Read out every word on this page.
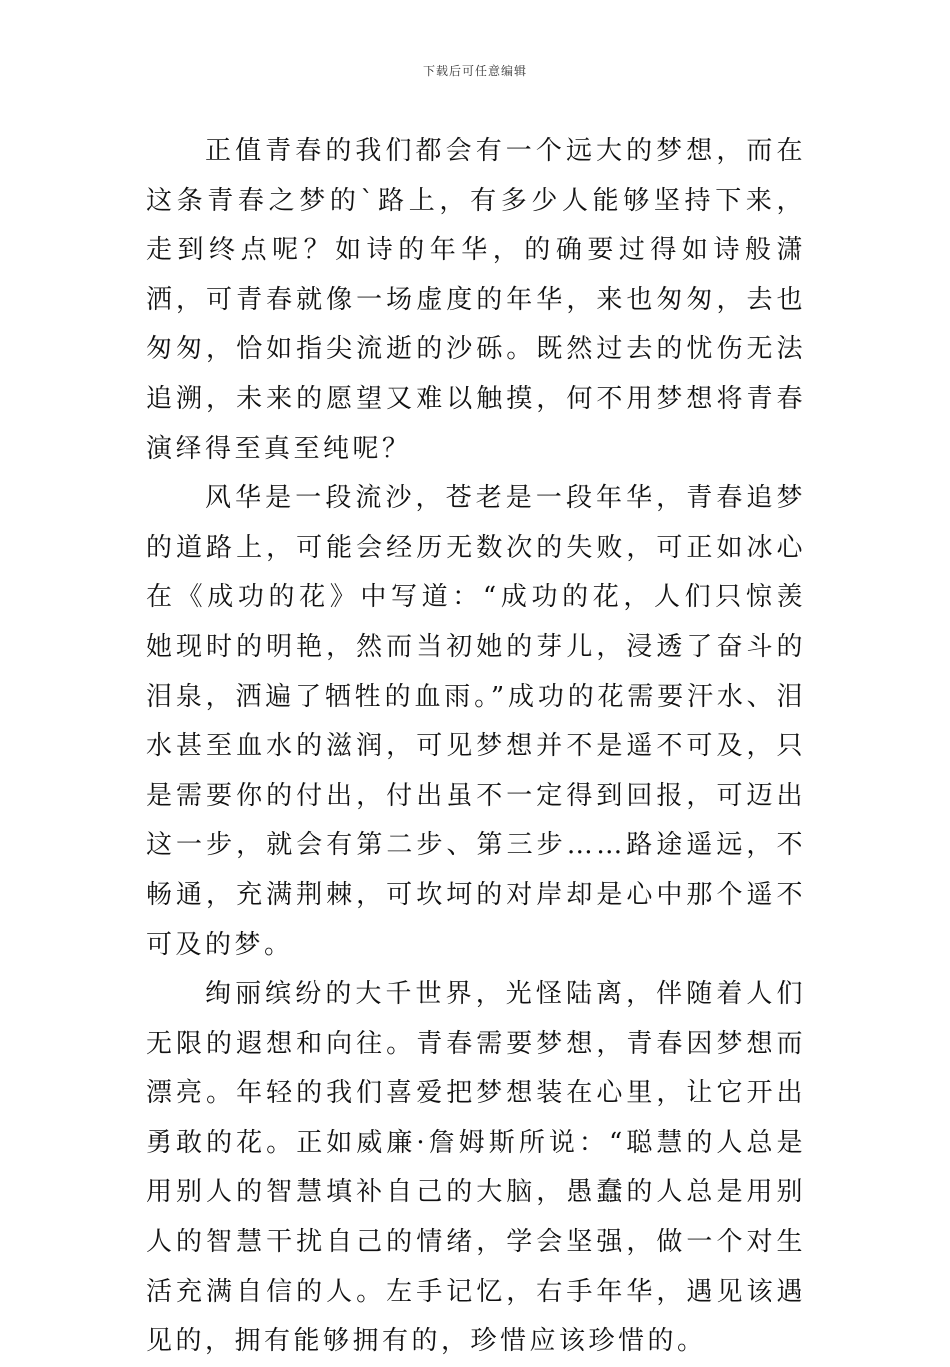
下载后可任意编辑

正值青春的我们都会有一个远大的梦想，而在这条青春之梦的`路上，有多少人能够坚持下来，走到终点呢？如诗的年华，的确要过得如诗般潇洒，可青春就像一场虚度的年华，来也匆匆，去也匆匆，恰如指尖流逝的沙砾。既然过去的忧伤无法追溯，未来的愿望又难以触摸，何不用梦想将青春演绎得至真至纯呢？

风华是一段流沙，苍老是一段年华，青春追梦的道路上，可能会经历无数次的失败，可正如冰心在《成功的花》中写道：“成功的花，人们只惊羡她现时的明艳，然而当初她的芽儿，浸透了奋斗的泪泉，洒遍了牺牲的血雨。”成功的花需要汗水、泪水甚至血水的滋润，可见梦想并不是遥不可及，只是需要你的付出，付出虽不一定得到回报，可迈出这一步，就会有第二步、第三步……路途遥远，不畅通，充满荆棘，可坎坷的对岸却是心中那个遥不可及的梦。

绚丽缤纷的大千世界，光怪陆离，伴随着人们无限的遐想和向往。青春需要梦想，青春因梦想而漂亮。年轻的我们喜爱把梦想装在心里，让它开出勇敢的花。正如威廉·詹姆斯所说：“聪慧的人总是用别人的智慧填补自己的大脑，愚蠢的人总是用别人的智慧干扰自己的情绪，学会坚强，做一个对生活充满自信的人。左手记忆，右手年华，遇见该遇见的，拥有能够拥有的，珍惜应该珍惜的。
